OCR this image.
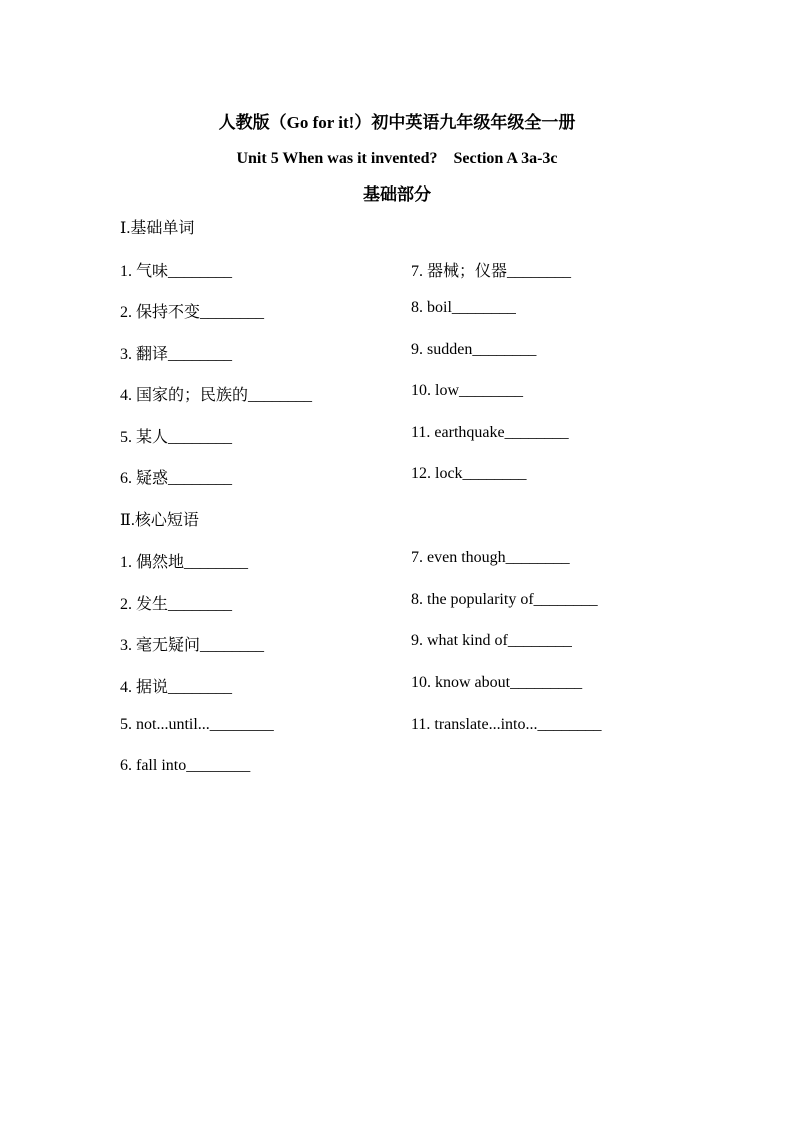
人教版（Go for it!）初中英语九年级年级全一册
Unit 5 When was it invented?　Section A 3a-3c
基础部分
Ⅰ.基础单词
1. 气味________
2. 保持不变________
3. 翻译________
4. 国家的；民族的________
5. 某人________
6. 疑惑________
7. 器械；仪器________
8. boil________
9. sudden________
10. low________
11. earthquake________
12. lock________
Ⅱ.核心短语
1. 偶然地________
2. 发生________
3. 毫无疑问________
4. 据说________
5. not...until...________
6. fall into________
7. even though________
8. the popularity of________
9. what kind of________
10. know about_________
11. translate...into...________
